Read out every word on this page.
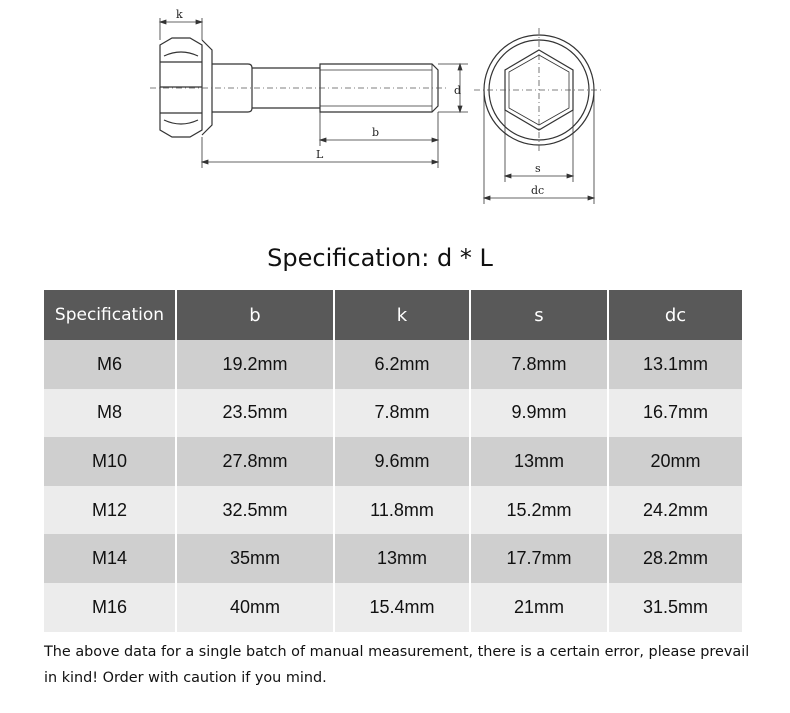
k
d
b
L
s
dc
Specification: d * L
Specification	b	k	s	dc
M6	19.2mm	6.2mm	7.8mm	13.1mm
M8	23.5mm	7.8mm	9.9mm	16.7mm
M10	27.8mm	9.6mm	13mm	20mm
M12	32.5mm	11.8mm	15.2mm	24.2mm
M14	35mm	13mm	17.7mm	28.2mm
M16	40mm	15.4mm	21mm	31.5mm
The above data for a single batch of manual measurement, there is a certain error, please prevail in kind! Order with caution if you mind.
